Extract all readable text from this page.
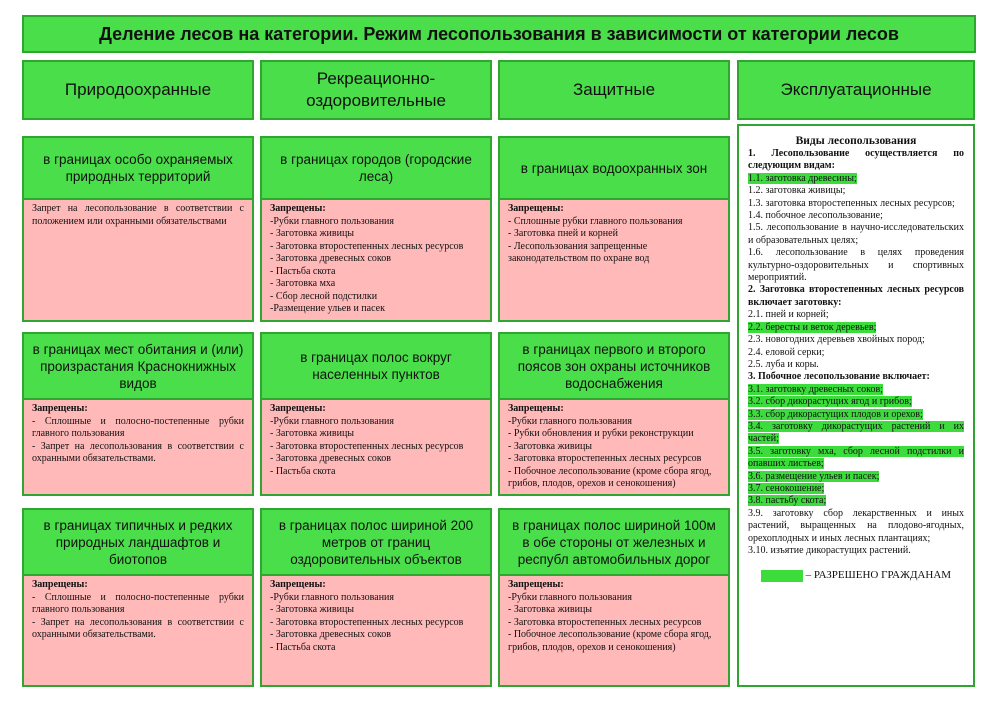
Деление лесов на категории. Режим лесопользования в зависимости от категории лесов
Природоохранные
Рекреационно-
оздоровительные
Защитные	Эксплуатационные
в границах особо охраняемых природных территорий
Запрет на лесопользование в соответствии с положением или охранными обязательствами
в границах мест обитания и (или) произрастания Краснокнижных видов
Запрещены:
- Сплошные и полосно-постепенные рубки главного пользования
- Запрет на лесопользования в соответствии с охранными обязательствами.
в границах типичных и редких природных ландшафтов и биотопов
Запрещены:
- Сплошные и полосно-постепенные рубки главного пользования
- Запрет на лесопользования в соответствии с охранными обязательствами.
в границах городов (городские леса)
Запрещены:
-Рубки главного пользования
- Заготовка живицы
- Заготовка второстепенных лесных ресурсов
- Заготовка древесных соков
- Пастьба скота
- Заготовка мха
- Сбор лесной подстилки
-Размещение ульев и пасек
в границах полос вокруг населенных пунктов
Запрещены:
-Рубки главного пользования
- Заготовка живицы
- Заготовка второстепенных лесных ресурсов
- Заготовка древесных соков
- Пастьба скота
в границах полос шириной 200 метров от границ оздоровительных объектов
Запрещены:
-Рубки главного пользования
- Заготовка живицы
- Заготовка второстепенных лесных ресурсов
- Заготовка древесных соков
- Пастьба скота
в границах водоохранных зон
Запрещены:
- Сплошные рубки главного пользования
- Заготовка пней и корней
- Лесопользования запрещенные законодательством по охране вод
в границах первого и второго поясов зон охраны источников водоснабжения
Запрещены:
-Рубки главного пользования
- Рубки обновления и рубки реконструкции
- Заготовка живицы
- Заготовка второстепенных лесных ресурсов
- Побочное лесопользование (кроме сбора ягод, грибов, плодов, орехов и сенокошения)
в границах полос шириной 100м в обе стороны от железных и республ автомобильных дорог
Запрещены:
-Рубки главного пользования
- Заготовка живицы
- Заготовка второстепенных лесных ресурсов
- Побочное лесопользование (кроме сбора ягод, грибов, плодов, орехов и сенокошения)
Виды лесопользования
1. Лесопользование осуществляется по следующим видам:
1.1. заготовка древесины;
1.2. заготовка живицы;
1.3. заготовка второстепенных лесных ресурсов;
1.4. побочное лесопользование;
1.5. лесопользование в научно-исследовательских и образовательных целях;
1.6. лесопользование в целях проведения культурно-оздоровительных и спортивных мероприятий.
2. Заготовка второстепенных лесных ресурсов включает заготовку:
2.1. пней и корней;
2.2. бересты и веток деревьев;
2.3. новогодних деревьев хвойных пород;
2.4. еловой серки;
2.5. луба и коры.
3. Побочное лесопользование включает:
3.1. заготовку древесных соков;
3.2. сбор дикорастущих ягод и грибов;
3.3. сбор дикорастущих плодов и орехов;
3.4. заготовку дикорастущих растений и их частей;
3.5. заготовку мха, сбор лесной подстилки и опавших листьев;
3.6. размещение ульев и пасек;
3.7. сенокошение;
3.8. пастьбу скота;
3.9. заготовку сбор лекарственных и иных растений, выращенных на плодово-ягодных, орехоплодных и иных лесных плантациях;
3.10. изъятие дикорастущих растений.
– РАЗРЕШЕНО ГРАЖДАНАМ
